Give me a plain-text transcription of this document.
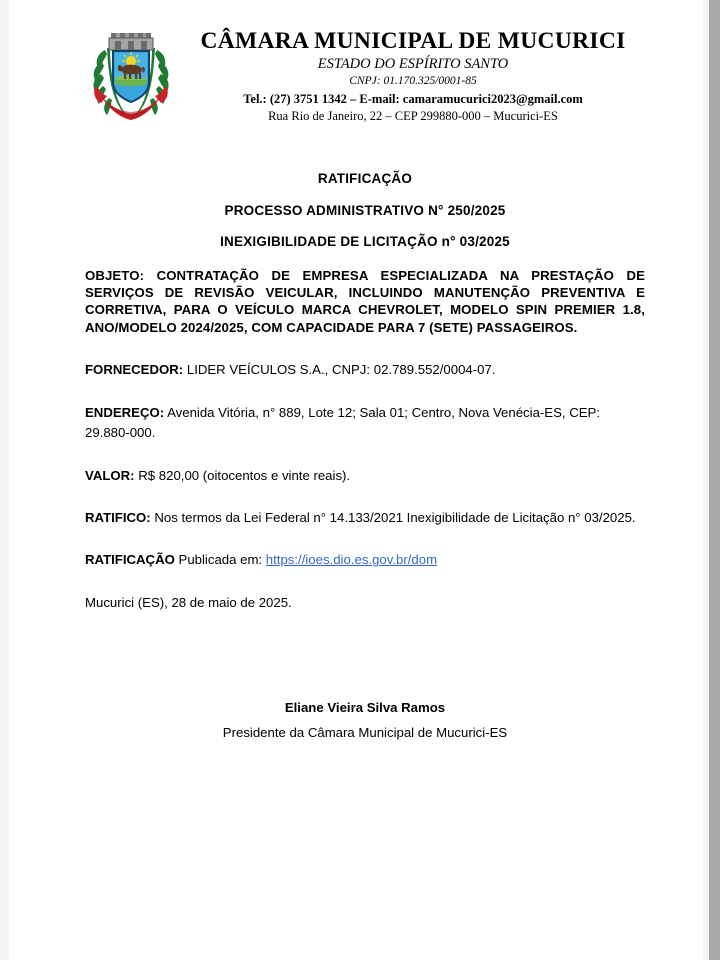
CÂMARA MUNICIPAL DE MUCURICI
ESTADO DO ESPÍRITO SANTO
CNPJ: 01.170.325/0001-85
Tel.: (27) 3751 1342 – E-mail: camaramucurici2023@gmail.com
Rua Rio de Janeiro, 22 – CEP 299880-000 – Mucurici-ES
RATIFICAÇÃO
PROCESSO ADMINISTRATIVO N° 250/2025
INEXIGIBILIDADE DE LICITAÇÃO n° 03/2025

OBJETO: CONTRATAÇÃO DE EMPRESA ESPECIALIZADA NA PRESTAÇÃO DE SERVIÇOS DE REVISÃO VEICULAR, INCLUINDO MANUTENÇÃO PREVENTIVA E CORRETIVA, PARA O VEÍCULO MARCA CHEVROLET, MODELO SPIN PREMIER 1.8, ANO/MODELO 2024/2025, COM CAPACIDADE PARA 7 (SETE) PASSAGEIROS.

FORNECEDOR: LIDER VEÍCULOS S.A., CNPJ: 02.789.552/0004-07.

ENDEREÇO: Avenida Vitória, n° 889, Lote 12; Sala 01; Centro, Nova Venécia-ES, CEP: 29.880-000.

VALOR: R$ 820,00 (oitocentos e vinte reais).

RATIFICO: Nos termos da Lei Federal n° 14.133/2021 Inexigibilidade de Licitação n° 03/2025.

RATIFICAÇÃO Publicada em: https://ioes.dio.es.gov.br/dom

Mucurici (ES), 28 de maio de 2025.

Eliane Vieira Silva Ramos
Presidente da Câmara Municipal de Mucurici-ES
